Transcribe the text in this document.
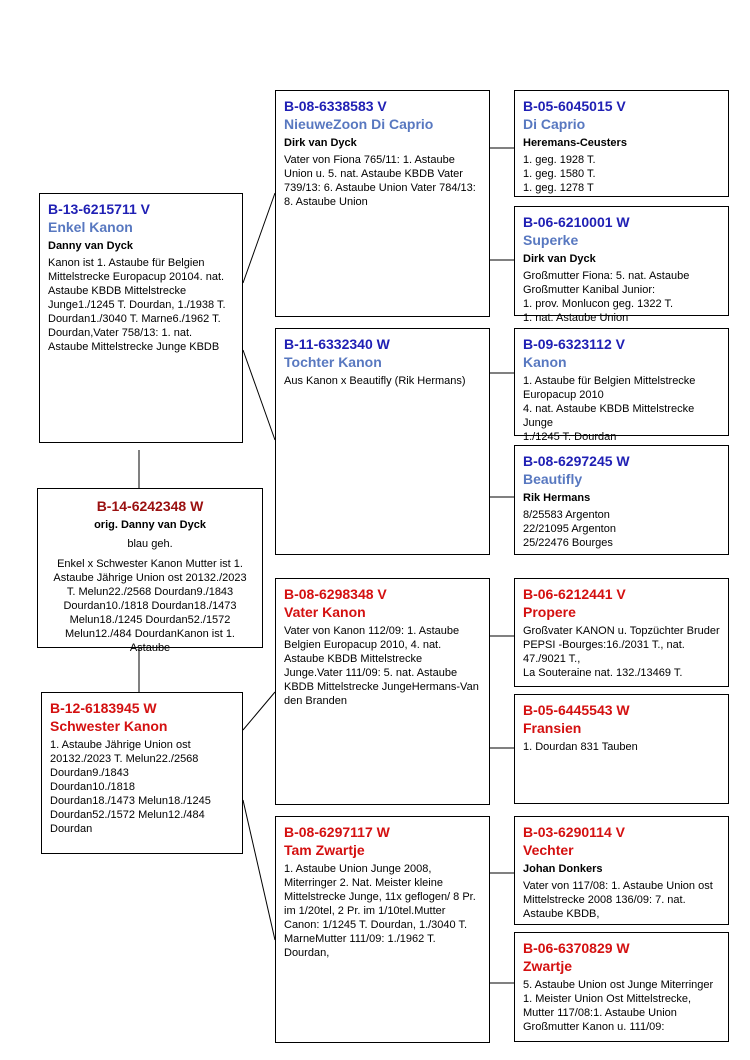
B-13-6215711 V
Enkel Kanon
Danny van Dyck
Kanon ist 1. Astaube für Belgien Mittelstrecke Europacup 20104. nat. Astaube KBDB Mittelstrecke Junge1./1245 T. Dourdan, 1./1938 T. Dourdan1./3040 T. Marne6./1962 T. Dourdan,Vater 758/13: 1. nat. Astaube Mittelstrecke Junge KBDB
B-14-6242348 W
orig. Danny van Dyck
blau geh.
Enkel x Schwester Kanon Mutter ist 1. Astaube Jährige Union ost 20132./2023 T. Melun22./2568 Dourdan9./1843 Dourdan10./1818 Dourdan18./1473 Melun18./1245 Dourdan52./1572 Melun12./484 DourdanKanon ist 1. Astaube
B-12-6183945 W
Schwester Kanon
1. Astaube Jährige Union ost 20132./2023 T. Melun22./2568
Dourdan9./1843
Dourdan10./1818
Dourdan18./1473 Melun18./1245
Dourdan52./1572 Melun12./484
Dourdan
B-08-6338583 V
NieuweZoon Di Caprio
Dirk van Dyck
Vater von Fiona 765/11: 1. Astaube Union u. 5. nat. Astaube KBDB Vater 739/13: 6. Astaube Union Vater 784/13: 8. Astaube Union
B-11-6332340 W
Tochter Kanon
Aus Kanon x Beautifly (Rik Hermans)
B-08-6298348 V
Vater Kanon
Vater von Kanon 112/09: 1. Astaube Belgien Europacup 2010, 4. nat. Astaube KBDB Mittelstrecke Junge.Vater 111/09: 5. nat. Astaube KBDB Mittelstrecke JungeHermans-Van den Branden
B-08-6297117 W
Tam Zwartje
1. Astaube Union Junge 2008, Miterringer 2. Nat. Meister kleine Mittelstrecke Junge, 11x geflogen/ 8 Pr. im 1/20tel, 2 Pr. im 1/10tel.Mutter Canon: 1/1245 T. Dourdan, 1./3040 T. MarneMutter 111/09: 1./1962 T. Dourdan,
B-05-6045015 V
Di Caprio
Heremans-Ceusters
1. geg. 1928 T.
1. geg. 1580 T.
1. geg. 1278 T
B-06-6210001 W
Superke
Dirk van Dyck
Großmutter Fiona: 5. nat. Astaube
Großmutter Kanibal Junior:
1. prov. Monlucon geg. 1322 T.
1. nat. Astaube Union
B-09-6323112 V
Kanon
1. Astaube für Belgien Mittelstrecke Europacup 2010
4. nat. Astaube KBDB Mittelstrecke Junge
1./1245 T. Dourdan
B-08-6297245 W
Beautifly
Rik Hermans
8/25583 Argenton
22/21095 Argenton
25/22476 Bourges
B-06-6212441 V
Propere
Großvater KANON u. Topzüchter Bruder PEPSI -Bourges:16./2031 T., nat. 47./9021 T.,
La Souteraine nat. 132./13469 T.
B-05-6445543 W
Fransien
1. Dourdan 831 Tauben
B-03-6290114 V
Vechter
Johan Donkers
Vater von 117/08: 1. Astaube Union ost Mittelstrecke 2008 136/09: 7. nat. Astaube KBDB,
B-06-6370829 W
Zwartje
5. Astaube Union ost Junge Miterringer 1. Meister Union Ost Mittelstrecke,
Mutter 117/08:1. Astaube Union
Großmutter Kanon u. 111/09:
